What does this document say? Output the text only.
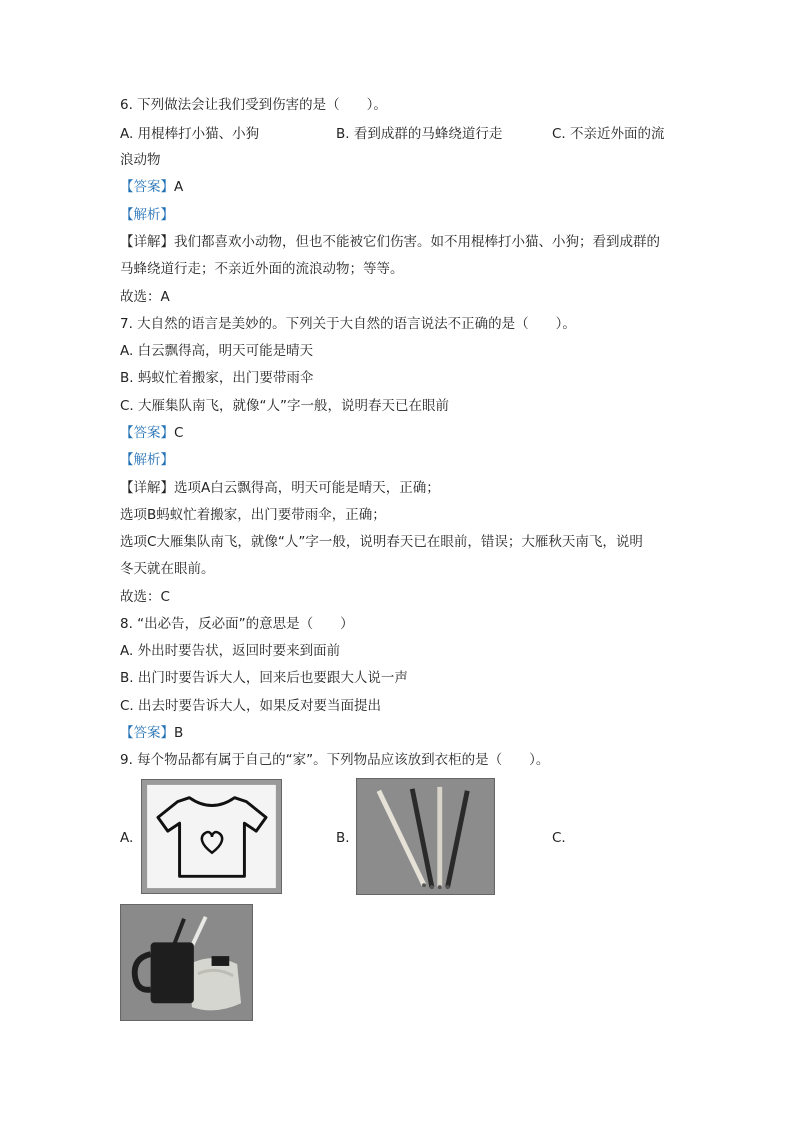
6. 下列做法会让我们受到伤害的是（　　）。
A. 用棍棒打小猫、小狗	B. 看到成群的马蜂绕道行走	C. 不亲近外面的流
浪动物
【答案】A
【解析】
【详解】我们都喜欢小动物，但也不能被它们伤害。如不用棍棒打小猫、小狗；看到成群的
马蜂绕道行走；不亲近外面的流浪动物；等等。
故选：A
7. 大自然的语言是美妙的。下列关于大自然的语言说法不正确的是（　　）。
A. 白云飘得高，明天可能是晴天
B. 蚂蚁忙着搬家，出门要带雨伞
C. 大雁集队南飞，就像“人”字一般，说明春天已在眼前
【答案】C
【解析】
【详解】选项A白云飘得高，明天可能是晴天，正确；
选项B蚂蚁忙着搬家，出门要带雨伞，正确；
选项C大雁集队南飞，就像“人”字一般，说明春天已在眼前，错误；大雁秋天南飞，说明
冬天就在眼前。
故选：C
8. “出必告，反必面”的意思是（　　）
A. 外出时要告状，返回时要来到面前
B. 出门时要告诉大人，回来后也要跟大人说一声
C. 出去时要告诉大人，如果反对要当面提出
【答案】B
9. 每个物品都有属于自己的“家”。下列物品应该放到衣柜的是（　　）。
A.	B.	C.
